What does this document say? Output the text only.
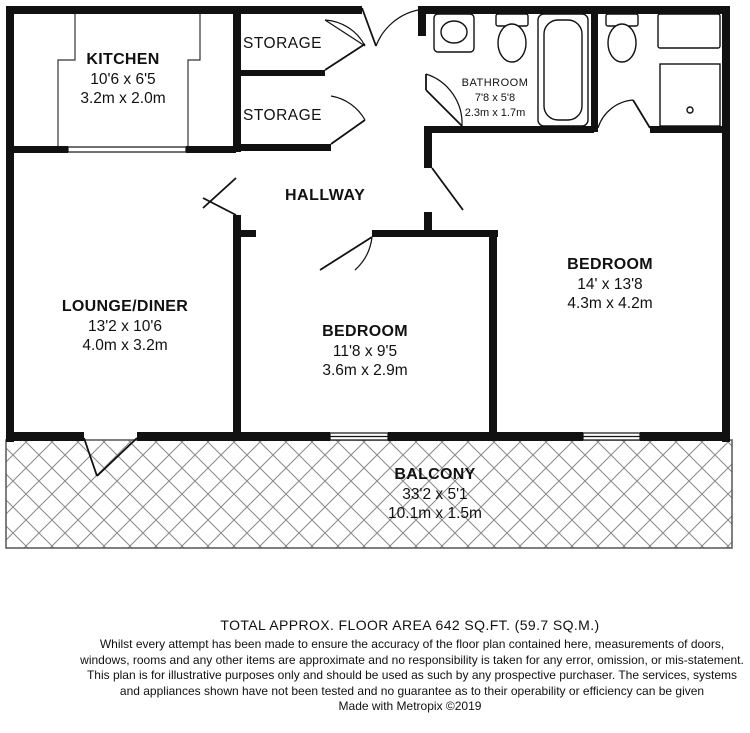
KITCHEN
10'6 x 6'5
3.2m x 2.0m
STORAGE
STORAGE
BATHROOM
7'8 x 5'8
2.3m x 1.7m
HALLWAY
BEDROOM
14' x 13'8
4.3m x 4.2m
LOUNGE/DINER
13'2 x 10'6
4.0m x 3.2m
BEDROOM
11'8 x 9'5
3.6m x 2.9m
BALCONY
33'2 x 5'1
10.1m x 1.5m
TOTAL APPROX. FLOOR AREA 642 SQ.FT. (59.7 SQ.M.)
Whilst every attempt has been made to ensure the accuracy of the floor plan contained here, measurements of doors, windows, rooms and any other items are approximate and no responsibility is taken for any error, omission, or mis-statement. This plan is for illustrative purposes only and should be used as such by any prospective purchaser. The services, systems and appliances shown have not been tested and no guarantee as to their operability or efficiency can be given
Made with Metropix ©2019
